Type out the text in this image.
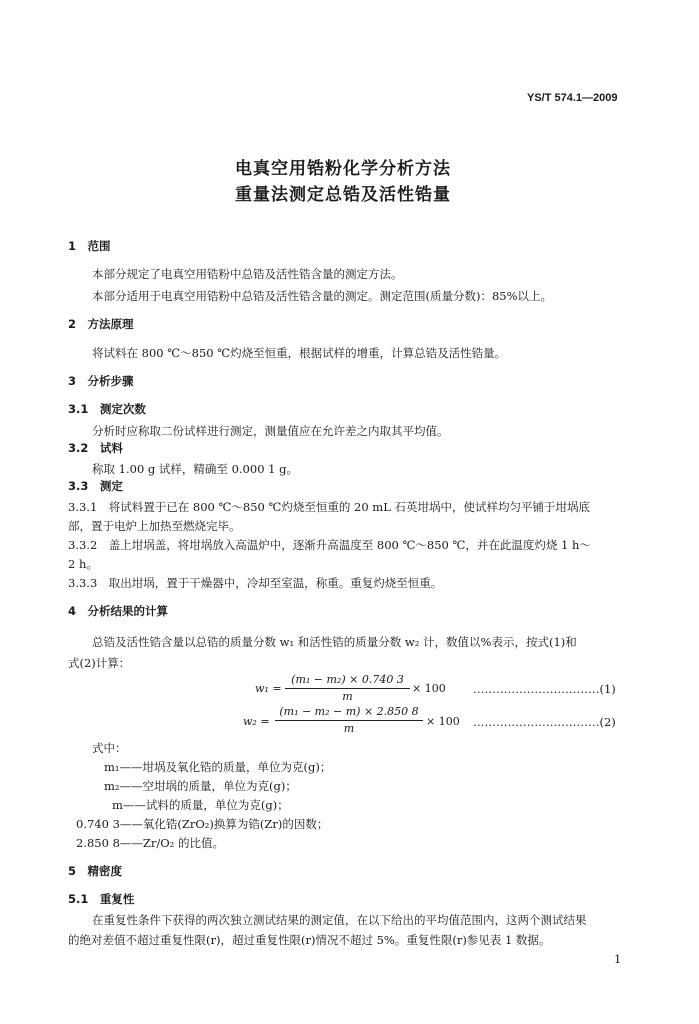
YS/T 574.1—2009
电真空用锆粉化学分析方法
重量法测定总锆及活性锆量
1　范围
本部分规定了电真空用锆粉中总锆及活性锆含量的测定方法。
本部分适用于电真空用锆粉中总锆及活性锆含量的测定。测定范围(质量分数)：85%以上。
2　方法原理
将试料在 800 ℃～850 ℃灼烧至恒重，根据试样的增重，计算总锆及活性锆量。
3　分析步骤
3.1　测定次数
分析时应称取二份试样进行测定，测量值应在允许差之内取其平均值。
3.2　试料
称取 1.00 g 试样，精确至 0.000 1 g。
3.3　测定
3.3.1　将试料置于已在 800 ℃～850 ℃灼烧至恒重的 20 mL 石英坩埚中，使试样均匀平铺于坩埚底
部，置于电炉上加热至燃烧完毕。
3.3.2　盖上坩埚盖，将坩埚放入高温炉中，逐渐升高温度至 800 ℃～850 ℃，并在此温度灼烧 1 h～
2 h。
3.3.3　取出坩埚，置于干燥器中，冷却至室温，称重。重复灼烧至恒重。
4　分析结果的计算
总锆及活性锆含量以总锆的质量分数 w₁ 和活性锆的质量分数 w₂ 计，数值以%表示，按式(1)和
式(2)计算：
w₁ =
(m₁ − m₂) × 0.740 3
m
× 100 ……………………………(1)
w₂ =
(m₁ − m₂ − m) × 2.850 8
m
× 100 ……………………………(2)
式中：
m₁——坩埚及氧化锆的质量，单位为克(g)；
m₂——空坩埚的质量，单位为克(g)；
m——试料的质量，单位为克(g)；
0.740 3——氧化锆(ZrO₂)换算为锆(Zr)的因数；
2.850 8——Zr/O₂ 的比值。
5　精密度
5.1　重复性
在重复性条件下获得的两次独立测试结果的测定值，在以下给出的平均值范围内，这两个测试结果
的绝对差值不超过重复性限(r)，超过重复性限(r)情况不超过 5%。重复性限(r)参见表 1 数据。
1
